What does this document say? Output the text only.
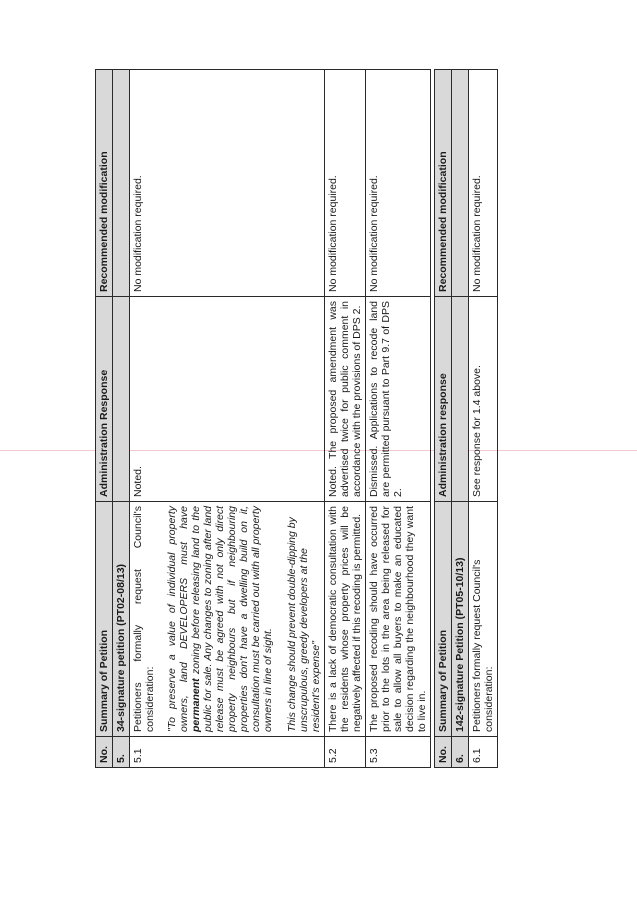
No.	Summary of Petition	Administration Response	Recommended modification
5.	34-signature petition (PT02-08/13)		
5.1	Petitioners formally request Council's consideration: "To preserve a value of individual property owners, land DEVELOPERS must have permanent zoning before releasing land to the public for sale. Any changes to zoning after land release must be agreed with not only direct property neighbours but if neighbouring properties don't have a dwelling build on it, consultation must be carried out with all property owners in line of sight. This change should prevent double-dipping by unscrupulous, greedy developers at the resident's expense"	Noted.	No modification required.
5.2	There is a lack of democratic consultation with the residents whose property prices will be negatively affected if this recoding is permitted.	Noted. The proposed amendment was advertised twice for public comment in accordance with the provisions of DPS 2.	No modification required.
5.3	The proposed recoding should have occurred prior to the lots in the area being released for sale to allow all buyers to make an educated decision regarding the neighbourhood they want to live in.	Dismissed. Applications to recode land are permitted pursuant to Part 9.7 of DPS 2.	No modification required.
No.	Summary of Petition	Administration response	Recommended modification
6.	142-signature Petition (PT05-10/13)		
6.1	Petitioners formally request Council's consideration:	See response for 1.4 above.	No modification required.
